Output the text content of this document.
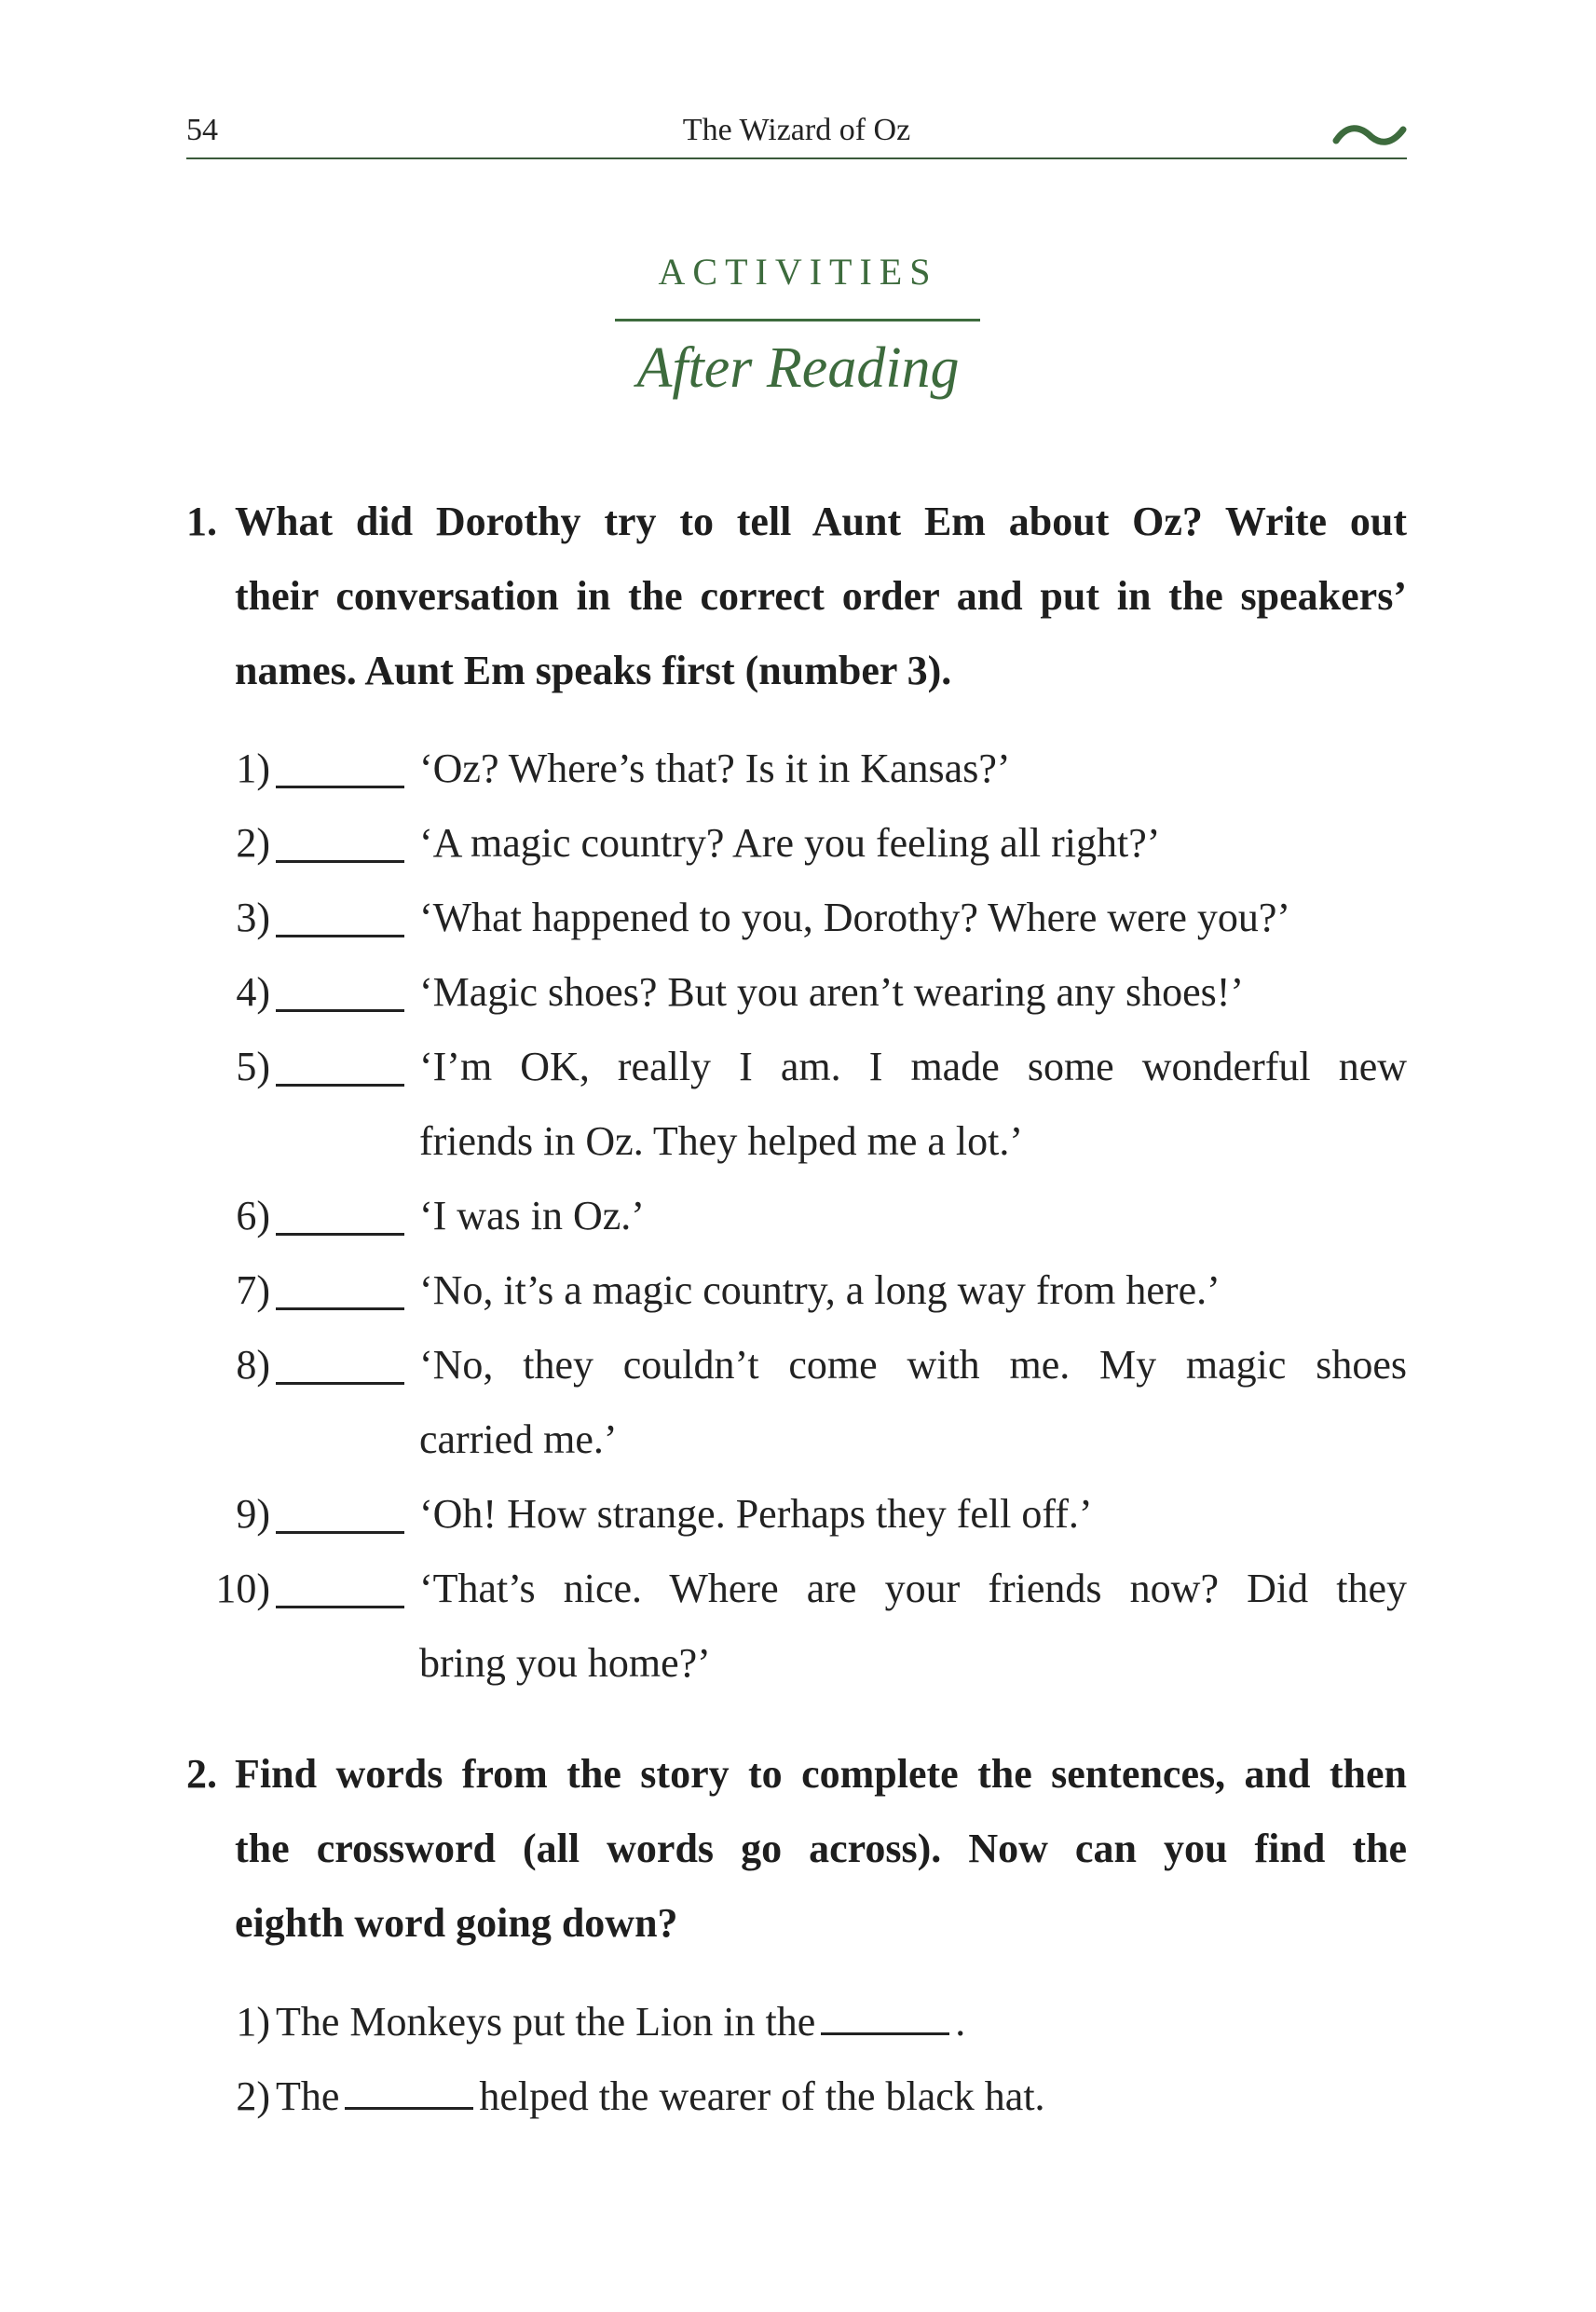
54	The Wizard of Oz
ACTIVITIES
After Reading
1. What did Dorothy try to tell Aunt Em about Oz? Write out
their conversation in the correct order and put in the speakers’
names. Aunt Em speaks first (number 3).
1)	‘Oz? Where’s that? Is it in Kansas?’
2)	‘A magic country? Are you feeling all right?’
3)	‘What happened to you, Dorothy? Where were you?’
4)	‘Magic shoes? But you aren’t wearing any shoes!’
5)	‘I’m OK, really I am. I made some wonderful new
friends in Oz. They helped me a lot.’
6)	‘I was in Oz.’
7)	‘No, it’s a magic country, a long way from here.’
8)	‘No, they couldn’t come with me. My magic shoes
carried me.’
9)	‘Oh! How strange. Perhaps they fell off.’
10)	‘That’s nice. Where are your friends now? Did they
bring you home?’
2. Find words from the story to complete the sentences, and then
the crossword (all words go across). Now can you find the
eighth word going down?
1) The Monkeys put the Lion in the	.
2) The	helped the wearer of the black hat.
